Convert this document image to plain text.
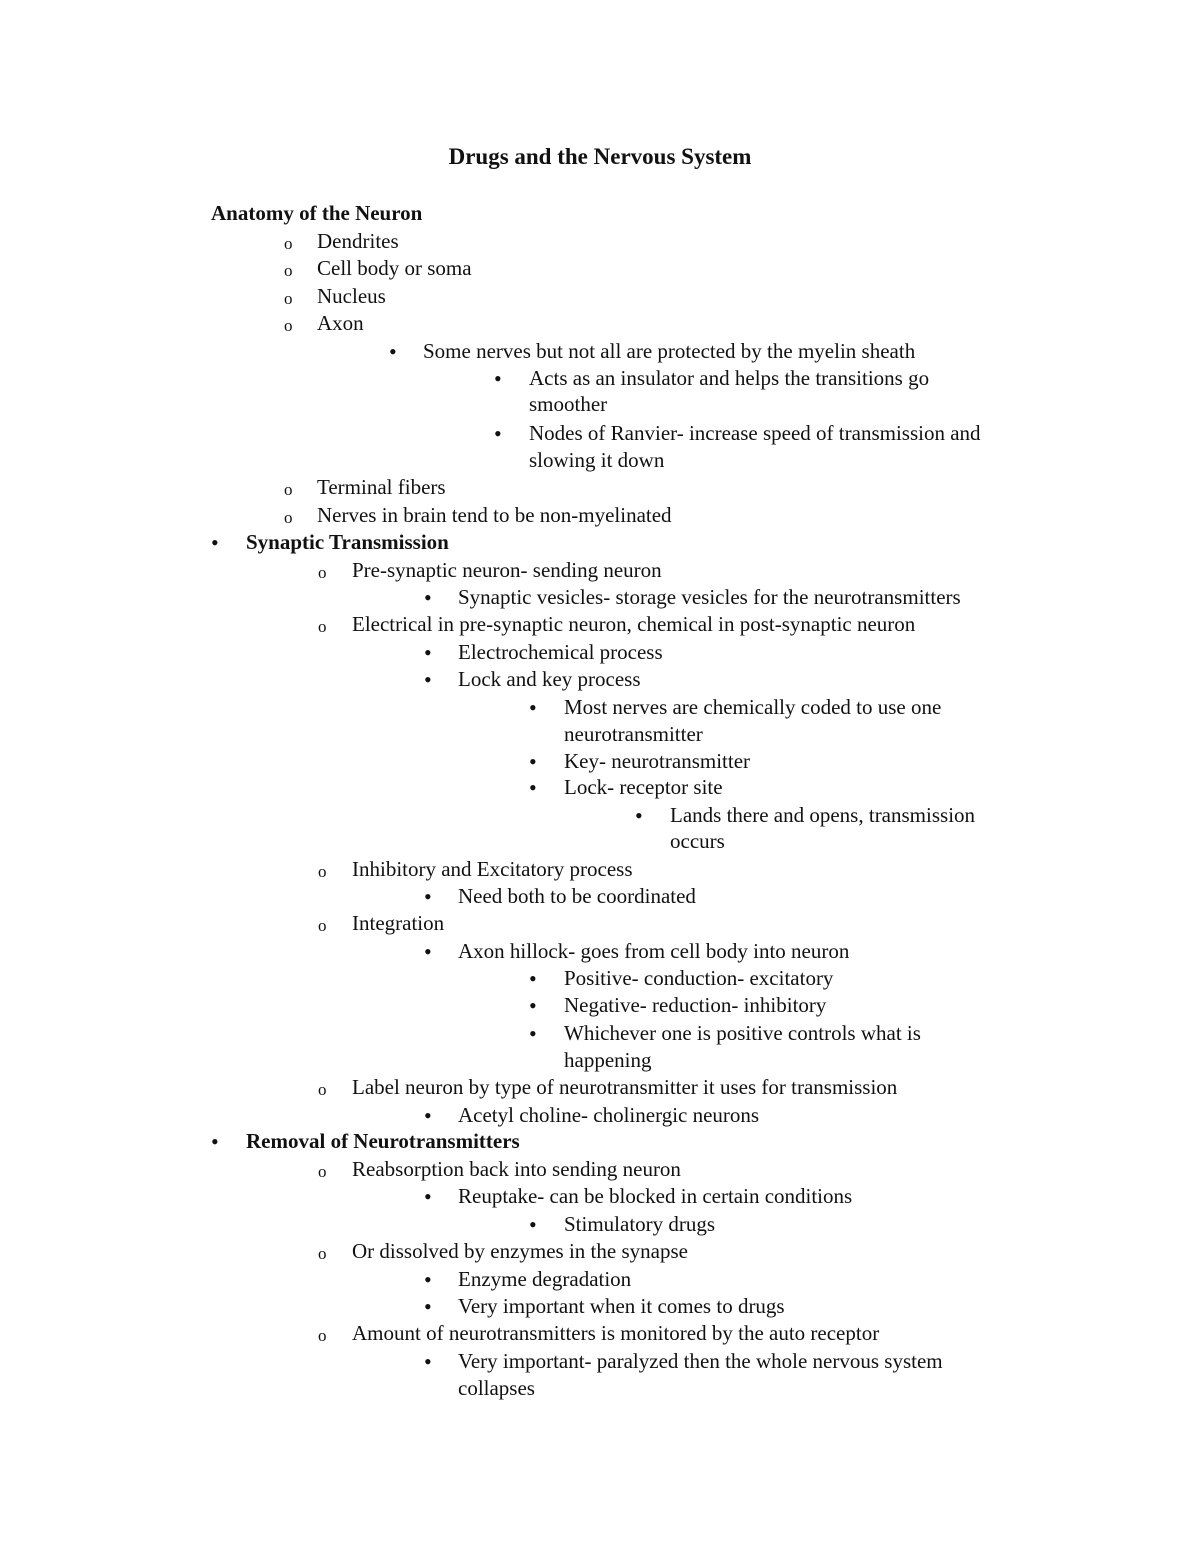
Drugs and the Nervous System
Anatomy of the Neuron
o Dendrites
o Cell body or soma
o Nucleus
o Axon
• Some nerves but not all are protected by the myelin sheath
• Acts as an insulator and helps the transitions go
smoother
• Nodes of Ranvier- increase speed of transmission and
slowing it down
o Terminal fibers
o Nerves in brain tend to be non-myelinated
• Synaptic Transmission
o Pre-synaptic neuron- sending neuron
• Synaptic vesicles- storage vesicles for the neurotransmitters
o Electrical in pre-synaptic neuron, chemical in post-synaptic neuron
• Electrochemical process
• Lock and key process
• Most nerves are chemically coded to use one
neurotransmitter
• Key- neurotransmitter
• Lock- receptor site
• Lands there and opens, transmission
occurs
o Inhibitory and Excitatory process
• Need both to be coordinated
o Integration
• Axon hillock- goes from cell body into neuron
• Positive- conduction- excitatory
• Negative- reduction- inhibitory
• Whichever one is positive controls what is
happening
o Label neuron by type of neurotransmitter it uses for transmission
• Acetyl choline- cholinergic neurons
• Removal of Neurotransmitters
o Reabsorption back into sending neuron
• Reuptake- can be blocked in certain conditions
• Stimulatory drugs
o Or dissolved by enzymes in the synapse
• Enzyme degradation
• Very important when it comes to drugs
o Amount of neurotransmitters is monitored by the auto receptor
• Very important- paralyzed then the whole nervous system
collapses
